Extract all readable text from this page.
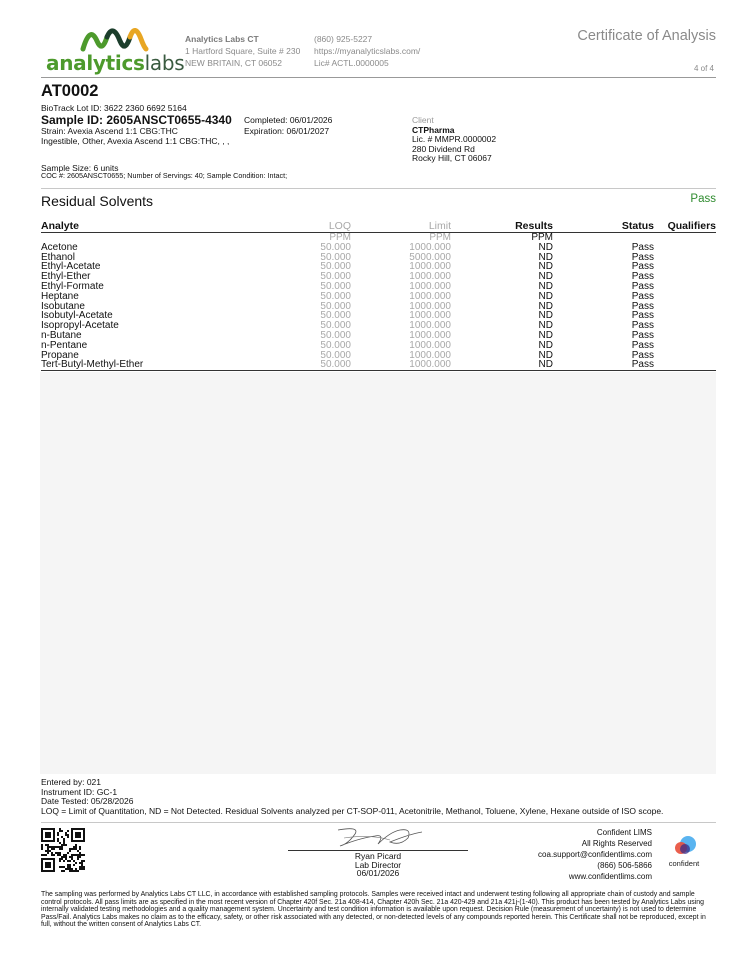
analyticslabs
Analytics Labs CT
1 Hartford Square, Suite # 230
NEW BRITAIN, CT 06052
(860) 925-5227
https://myanalyticslabs.com/
Lic# ACTL.0000005
Certificate of Analysis
4 of 4
AT0002
BioTrack Lot ID: 3622 2360 6692 5164
Sample ID: 2605ANSCT0655-4340
Strain: Avexia Ascend 1:1 CBG:THC
Ingestible, Other, Avexia Ascend 1:1 CBG:THC, , ,
Completed: 06/01/2026
Expiration: 06/01/2027
Client
CTPharma
Lic. # MMPR.0000002
280 Dividend Rd
Rocky Hill, CT 06067
Sample Size: 6 units
COC #: 2605ANSCT0655; Number of Servings: 40; Sample Condition: Intact;
Residual Solvents	Pass
Analyte	LOQ	Limit	Results	Status	Qualifiers
	PPM	PPM	PPM		
Acetone	50.000	1000.000	ND	Pass	
Ethanol	50.000	5000.000	ND	Pass	
Ethyl-Acetate	50.000	1000.000	ND	Pass	
Ethyl-Ether	50.000	1000.000	ND	Pass	
Ethyl-Formate	50.000	1000.000	ND	Pass	
Heptane	50.000	1000.000	ND	Pass	
Isobutane	50.000	1000.000	ND	Pass	
Isobutyl-Acetate	50.000	1000.000	ND	Pass	
Isopropyl-Acetate	50.000	1000.000	ND	Pass	
n-Butane	50.000	1000.000	ND	Pass	
n-Pentane	50.000	1000.000	ND	Pass	
Propane	50.000	1000.000	ND	Pass	
Tert-Butyl-Methyl-Ether	50.000	1000.000	ND	Pass	
Entered by: 021
Instrument ID: GC-1
Date Tested: 05/28/2026
LOQ = Limit of Quantitation, ND = Not Detected. Residual Solvents analyzed per CT-SOP-011, Acetonitrile, Methanol, Toluene, Xylene, Hexane outside of ISO scope.
Ryan Picard
Lab Director
06/01/2026
Confident LIMS
All Rights Reserved
coa.support@confidentlims.com
(866) 506-5866
www.confidentlims.com
confident
The sampling was performed by Analytics Labs CT LLC, in accordance with established sampling protocols. Samples were received intact and underwent testing following all appropriate chain of custody and sample control protocols. All pass limits are as specified in the most recent version of Chapter 420f Sec. 21a 408-414, Chapter 420h Sec. 21a 420-429 and 21a 421j-(1-40). This product has been tested by Analytics Labs using internally validated testing methodologies and a quality management system. Uncertainty and test condition information is available upon request. Decision Rule (measurement of uncertainty) is not used to determine Pass/Fail. Analytics Labs makes no claim as to the efficacy, safety, or other risk associated with any detected, or non-detected levels of any compounds reported herein. This Certificate shall not be reproduced, except in full, without the written consent of Analytics Labs CT.
